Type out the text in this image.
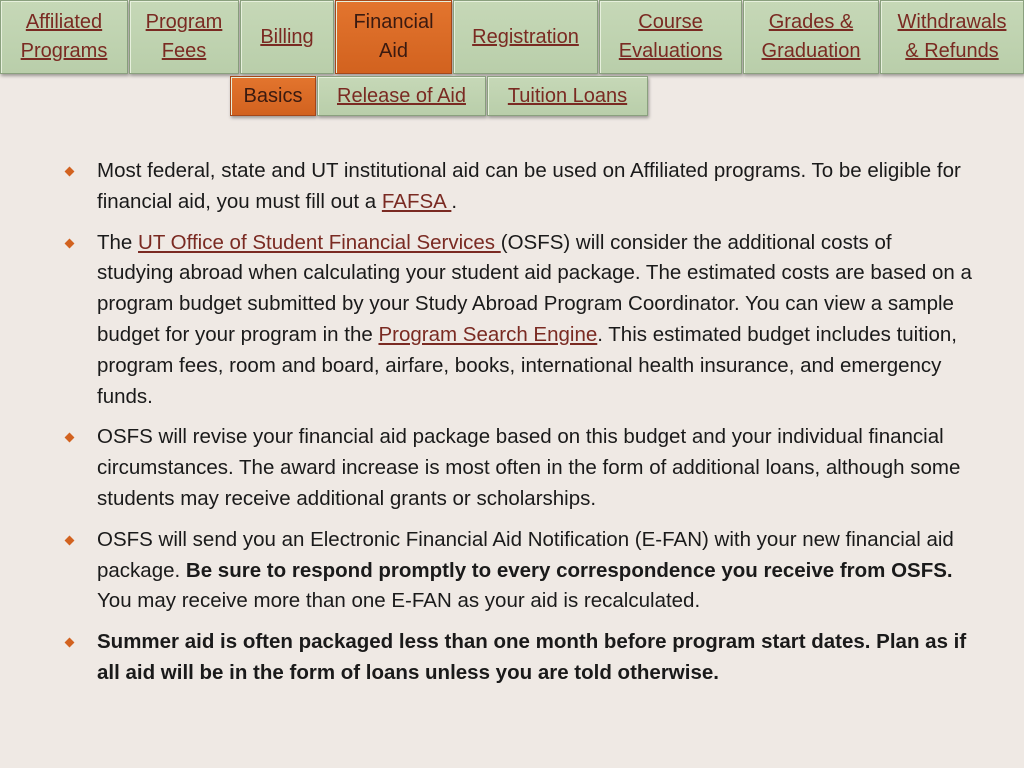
Affiliated
Programs
Program
Fees
Billing
Financial
Aid
Registration
Course
Evaluations
Grades &
Graduation
Withdrawals
& Refunds
Basics Release of Aid Tuition Loans
Most federal, state and UT institutional aid can be used on Affiliated programs. To be eligible for financial aid, you must fill out a FAFSA .
The UT Office of Student Financial Services (OSFS) will consider the additional costs of studying abroad when calculating your student aid package. The estimated costs are based on a program budget submitted by your Study Abroad Program Coordinator. You can view a sample budget for your program in the Program Search Engine. This estimated budget includes tuition, program fees, room and board, airfare, books, international health insurance, and emergency funds.
OSFS will revise your financial aid package based on this budget and your individual financial circumstances. The award increase is most often in the form of additional loans, although some students may receive additional grants or scholarships.
OSFS will send you an Electronic Financial Aid Notification (E-FAN) with your new financial aid package. Be sure to respond promptly to every correspondence you receive from OSFS. You may receive more than one E-FAN as your aid is recalculated.
Summer aid is often packaged less than one month before program start dates. Plan as if all aid will be in the form of loans unless you are told otherwise.
